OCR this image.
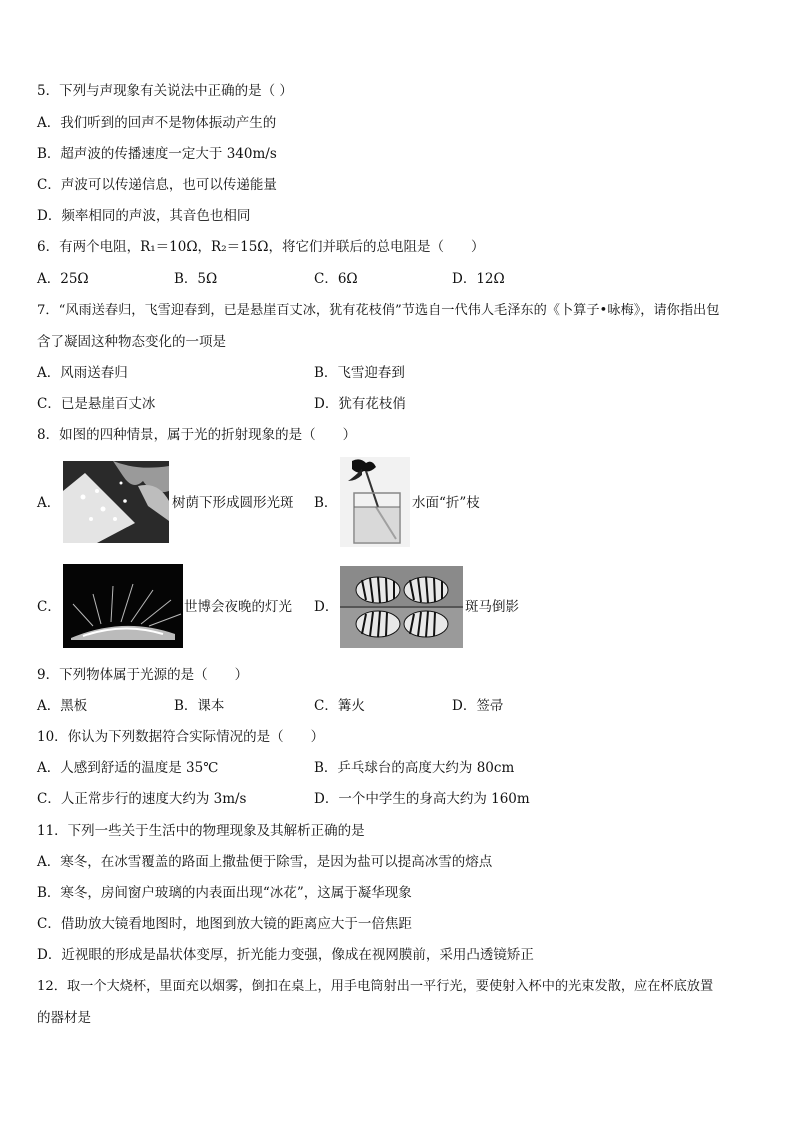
5．下列与声现象有关说法中正确的是（ ）
A．我们听到的回声不是物体振动产生的
B．超声波的传播速度一定大于 340m/s
C．声波可以传递信息，也可以传递能量
D．频率相同的声波，其音色也相同
6．有两个电阻，R₁＝10Ω，R₂＝15Ω，将它们并联后的总电阻是（　　）
A．25Ω	B．5Ω	C．6Ω	D．12Ω
7．“风雨送春归，飞雪迎春到，已是悬崖百丈冰，犹有花枝俏”节选自一代伟人毛泽东的《卜算子•咏梅》，请你指出包
含了凝固这种物态变化的一项是
A．风雨送春归	B．飞雪迎春到
C．已是悬崖百丈冰	D．犹有花枝俏
8．如图的四种情景，属于光的折射现象的是（　　）
A．	树荫下形成圆形光斑 B．	水面“折”枝
C．	世博会夜晚的灯光 D．	斑马倒影
9．下列物体属于光源的是（　　）
A．黑板	B．课本	C．篝火	D．签帚
10．你认为下列数据符合实际情况的是（　　）
A．人感到舒适的温度是 35℃	B．乒乓球台的高度大约为 80cm
C．人正常步行的速度大约为 3m/s	D．一个中学生的身高大约为 160m
11．下列一些关于生活中的物理现象及其解析正确的是
A．寒冬，在冰雪覆盖的路面上撒盐便于除雪，是因为盐可以提高冰雪的熔点
B．寒冬，房间窗户玻璃的内表面出现“冰花”，这属于凝华现象
C．借助放大镜看地图时，地图到放大镜的距离应大于一倍焦距
D．近视眼的形成是晶状体变厚，折光能力变强，像成在视网膜前，采用凸透镜矫正
12．取一个大烧杯，里面充以烟雾，倒扣在桌上，用手电筒射出一平行光，要使射入杯中的光束发散，应在杯底放置
的器材是
